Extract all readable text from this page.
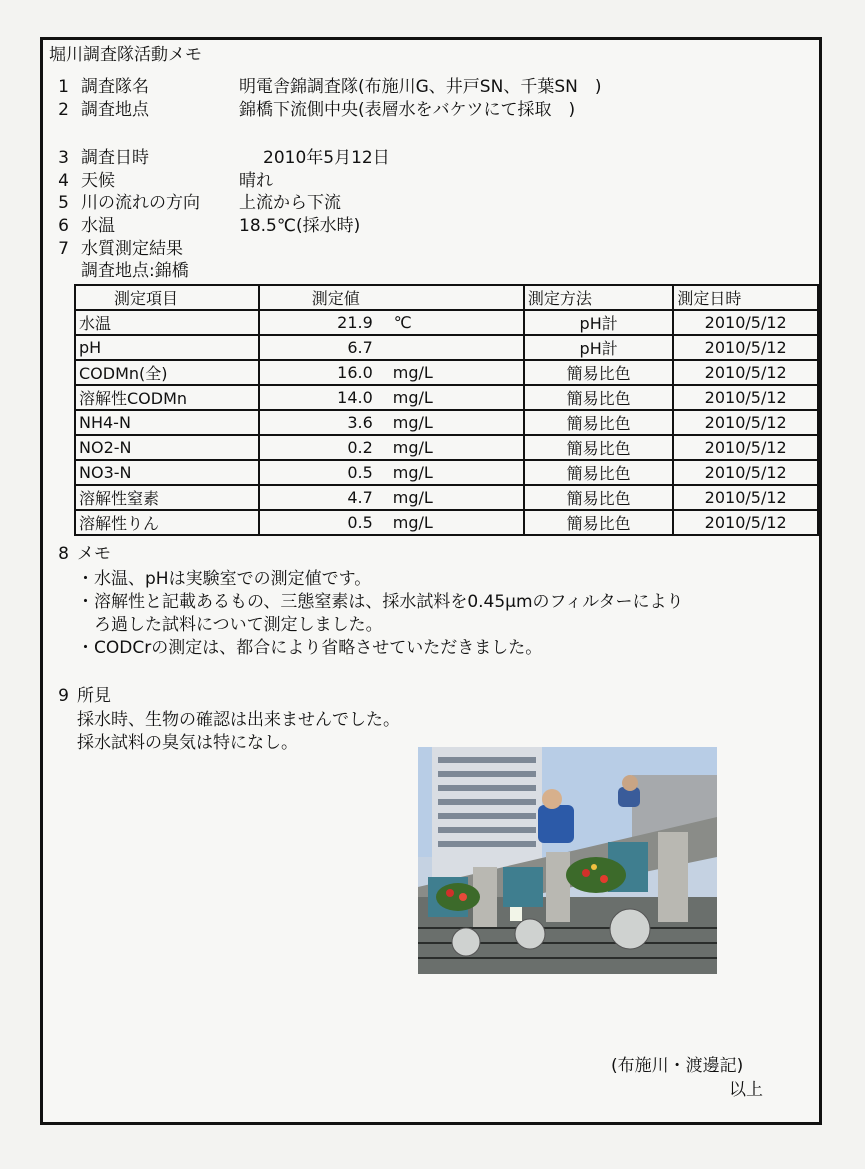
堀川調査隊活動メモ
1 調査隊名	明電舎錦調査隊(布施川G、井戸SN、千葉SN　)
2 調査地点	錦橋下流側中央(表層水をバケツにて採取　)
3 調査日時	2010年5月12日
4 天候	晴れ
5 川の流れの方向 上流から下流
6 水温	18.5℃(採水時)
7 水質測定結果
調査地点:錦橋
測定項目	測定値	測定方法	測定日時
水温	21.9 ℃	pH計	2010/5/12
pH	6.7	pH計	2010/5/12
CODMn(全)	16.0 mg/L	簡易比色	2010/5/12
溶解性CODMn	14.0 mg/L	簡易比色	2010/5/12
NH4-N	3.6 mg/L	簡易比色	2010/5/12
NO2-N	0.2 mg/L	簡易比色	2010/5/12
NO3-N	0.5 mg/L	簡易比色	2010/5/12
溶解性窒素	4.7 mg/L	簡易比色	2010/5/12
溶解性りん	0.5 mg/L	簡易比色	2010/5/12
8 メモ
・水温、pHは実験室での測定値です。
・溶解性と記載あるもの、三態窒素は、採水試料を0.45μmのフィルターにより
　ろ過した試料について測定しました。
・CODCrの測定は、都合により省略させていただきました。
9 所見
採水時、生物の確認は出来ませんでした。
採水試料の臭気は特になし。
(布施川・渡邊記)
以上
